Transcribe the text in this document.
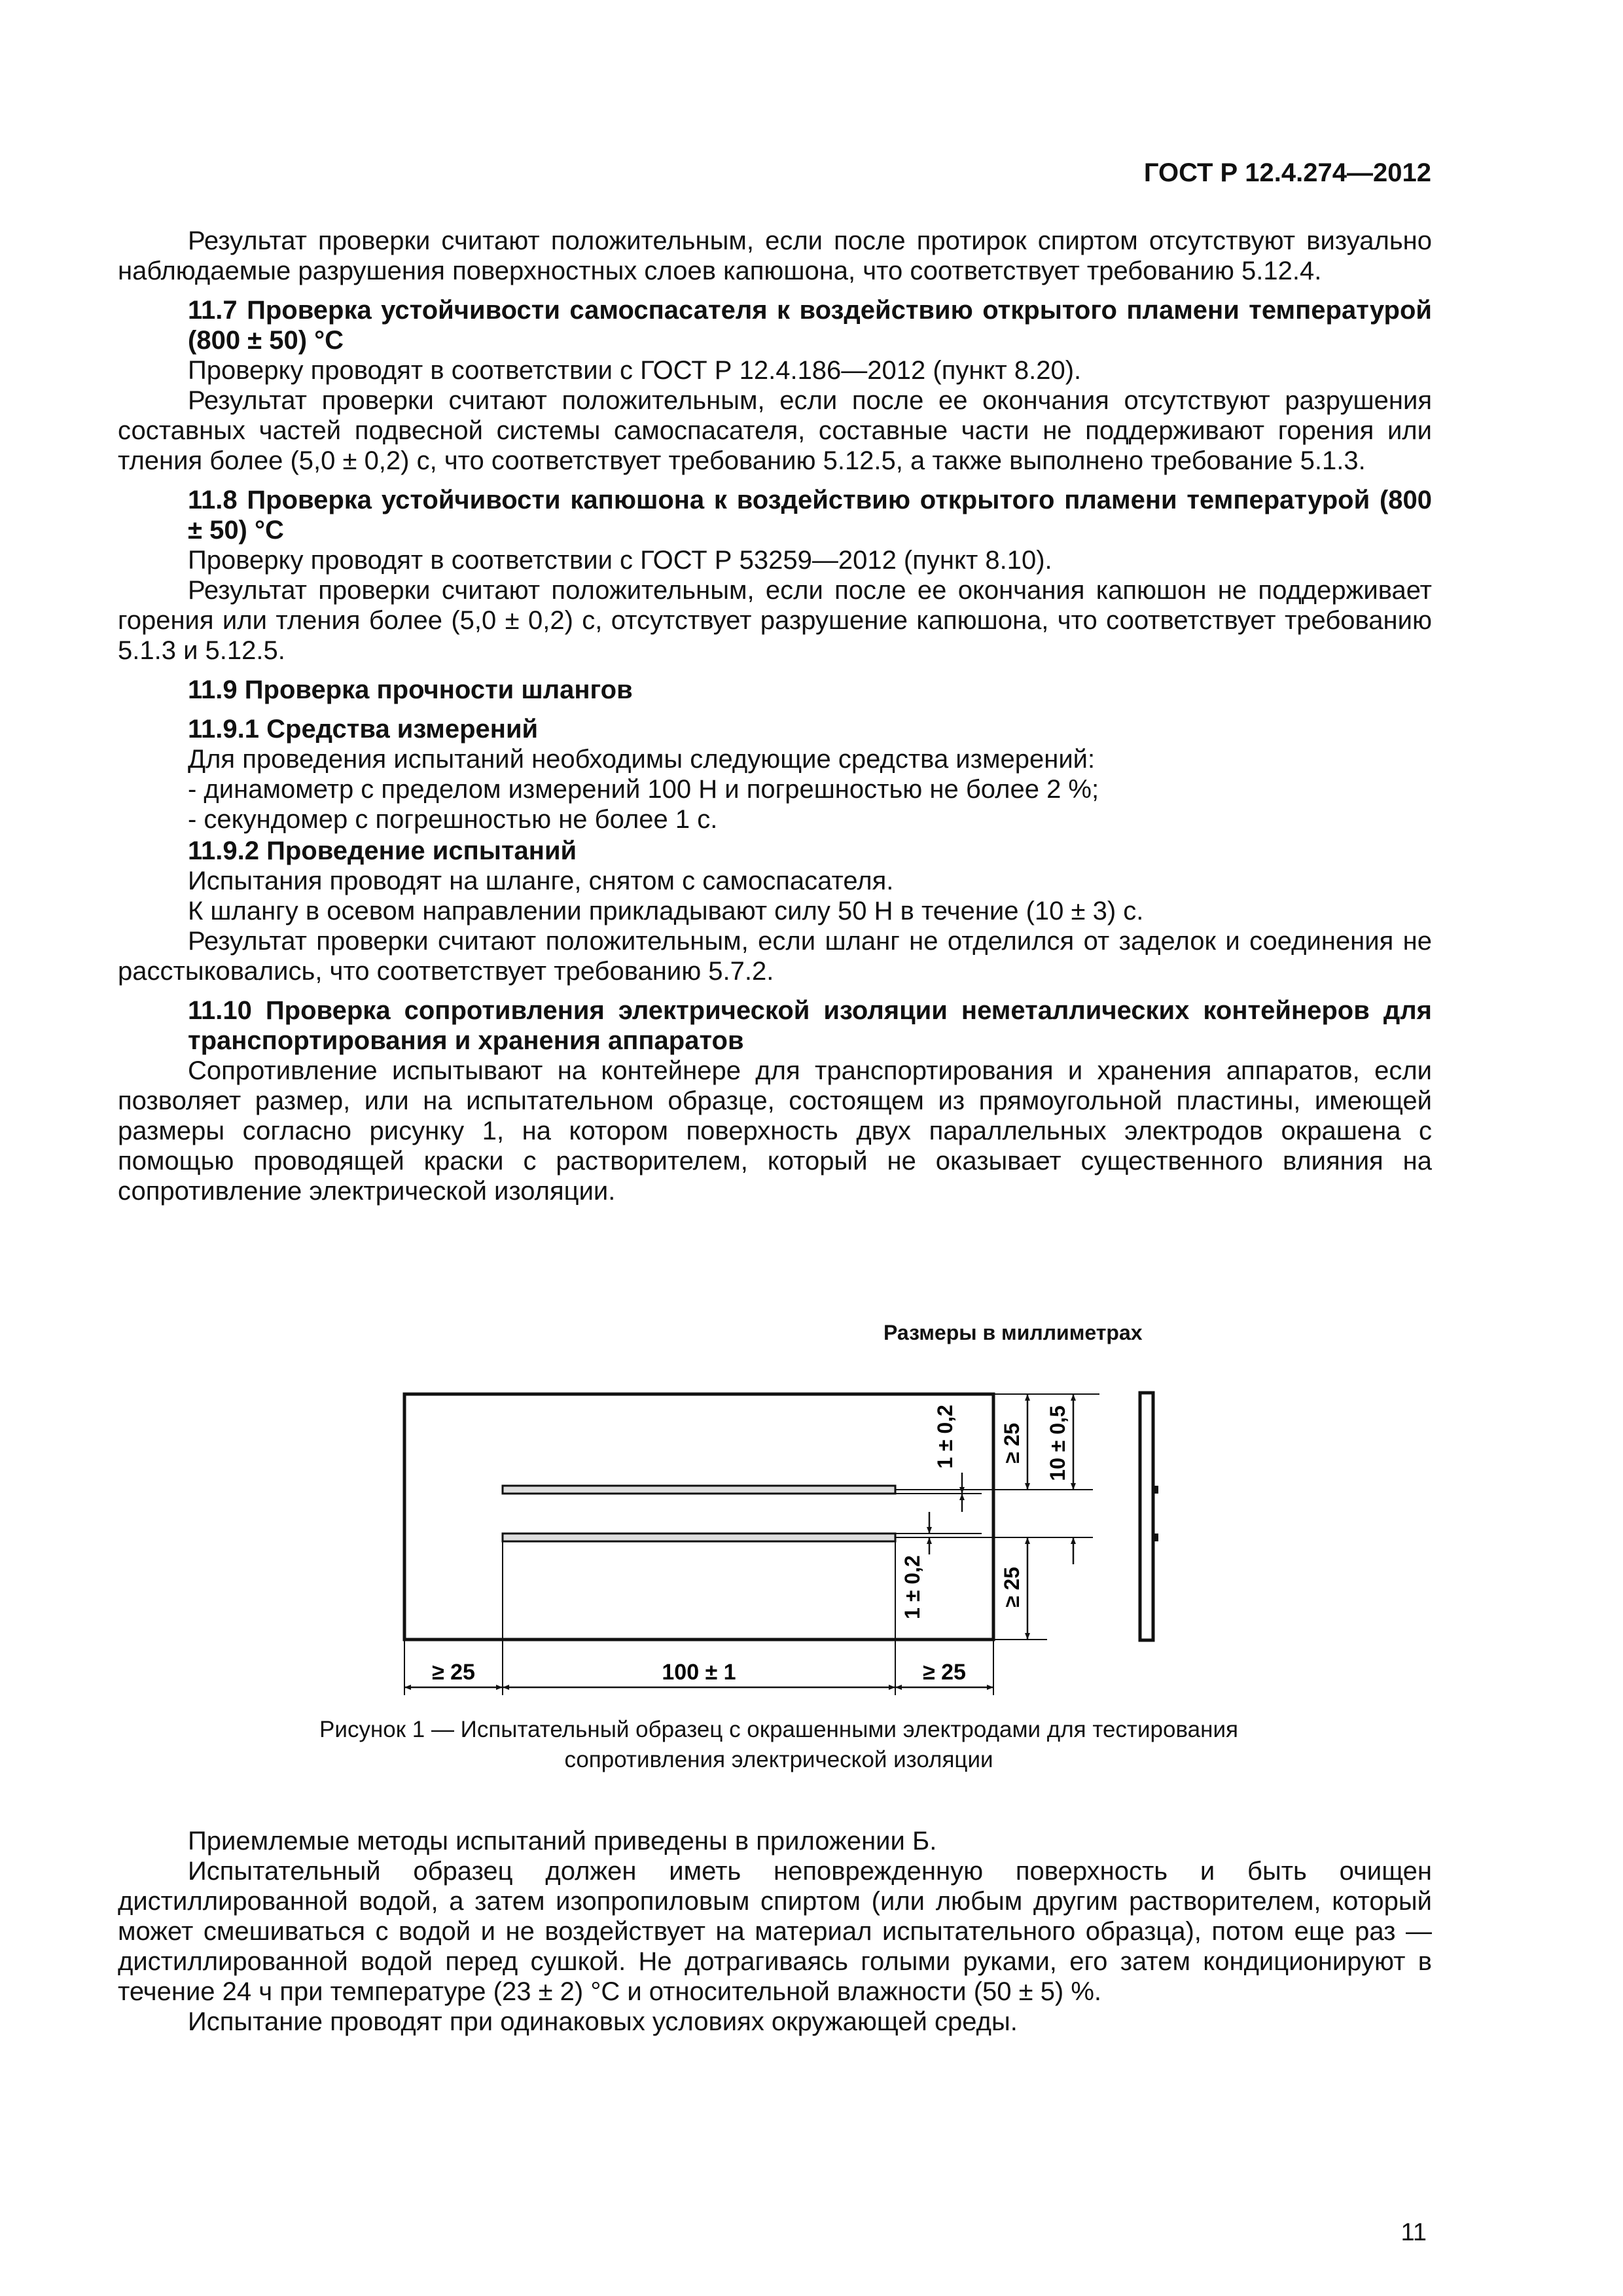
ГОСТ Р 12.4.274—2012

Результат проверки считают положительным, если после протирок спиртом отсутствуют визуально наблюдаемые разрушения поверхностных слоев капюшона, что соответствует требованию 5.12.4.

11.7 Проверка устойчивости самоспасателя к воздействию открытого пламени температурой (800 ± 50) °С

Проверку проводят в соответствии с ГОСТ Р 12.4.186—2012 (пункт 8.20).

Результат проверки считают положительным, если после ее окончания отсутствуют разрушения составных частей подвесной системы самоспасателя, составные части не поддерживают горения или тления более (5,0 ± 0,2) с, что соответствует требованию 5.12.5, а также выполнено требование 5.1.3.

11.8 Проверка устойчивости капюшона к воздействию открытого пламени температурой (800 ± 50) °С

Проверку проводят в соответствии с ГОСТ Р 53259—2012 (пункт 8.10).

Результат проверки считают положительным, если после ее окончания капюшон не поддерживает горения или тления более (5,0 ± 0,2) с, отсутствует разрушение капюшона, что соответствует требованию 5.1.3 и 5.12.5.

11.9 Проверка прочности шлангов

11.9.1 Средства измерений

Для проведения испытаний необходимы следующие средства измерений:

- динамометр с пределом измерений 100 Н и погрешностью не более 2 %;

- секундомер с погрешностью не более 1 с.

11.9.2 Проведение испытаний

Испытания проводят на шланге, снятом с самоспасателя.

К шлангу в осевом направлении прикладывают силу 50 Н в течение (10 ± 3) с.

Результат проверки считают положительным, если шланг не отделился от заделок и соединения не расстыковались, что соответствует требованию 5.7.2.

11.10 Проверка сопротивления электрической изоляции неметаллических контейнеров для транспортирования и хранения аппаратов

Сопротивление испытывают на контейнере для транспортирования и хранения аппаратов, если позволяет размер, или на испытательном образце, состоящем из прямоугольной пластины, имеющей размеры согласно рисунку 1, на котором поверхность двух параллельных электродов окрашена с помощью проводящей краски с растворителем, который не оказывает существенного влияния на сопротивление электрической изоляции.

Размеры в миллиметрах
≥ 25	100 ± 1	≥ 25
1 ± 0,2
1 ± 0,2
≥ 25 10 ± 0,5
≥ 25
Рисунок 1 — Испытательный образец с окрашенными электродами для тестирования
сопротивления электрической изоляции

Приемлемые методы испытаний приведены в приложении Б.

Испытательный образец должен иметь неповрежденную поверхность и быть очищен дистиллированной водой, а затем изопропиловым спиртом (или любым другим растворителем, который может смешиваться с водой и не воздействует на материал испытательного образца), потом еще раз — дистиллированной водой перед сушкой. Не дотрагиваясь голыми руками, его затем кондиционируют в течение 24 ч при температуре (23 ± 2) °С и относительной влажности (50 ± 5) %.

Испытание проводят при одинаковых условиях окружающей среды.

11
